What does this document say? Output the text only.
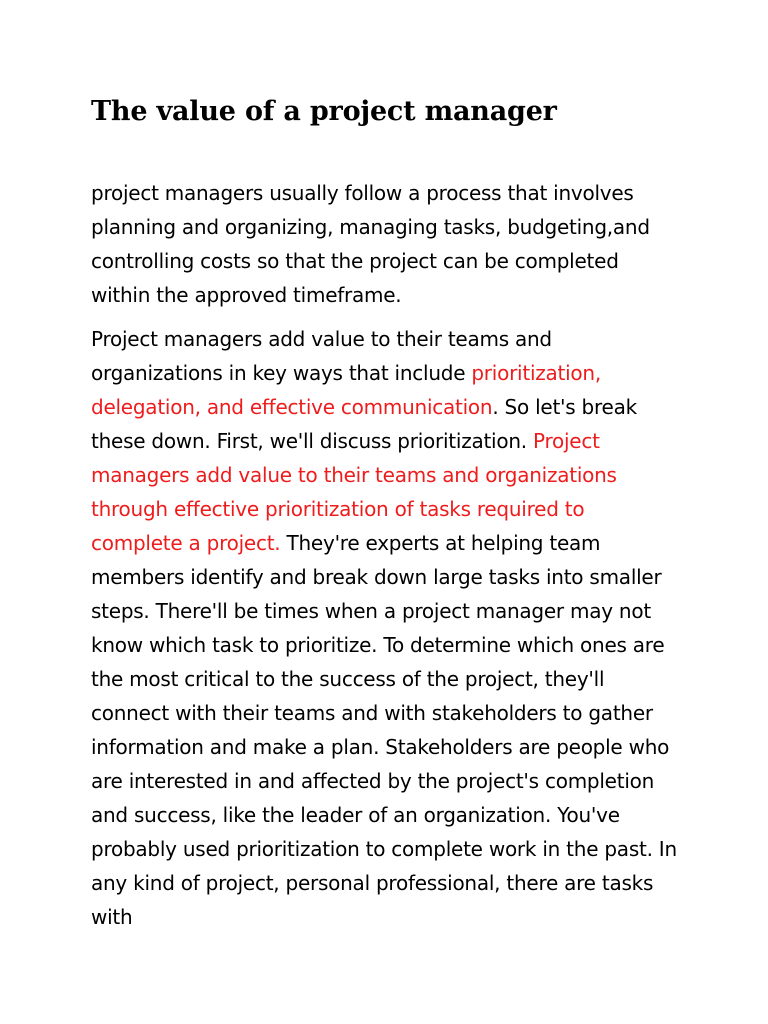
The value of a project manager

project managers usually follow a process that involves planning and organizing, managing tasks, budgeting,and controlling costs so that the project can be completed within the approved timeframe.

Project managers add value to their teams and organizations in key ways that include prioritization, delegation, and effective communication. So let's break these down. First, we'll discuss prioritization. Project managers add value to their teams and organizations through effective prioritization of tasks required to complete a project. They're experts at helping team members identify and break down large tasks into smaller steps. There'll be times when a project manager may not know which task to prioritize. To determine which ones are the most critical to the success of the project, they'll connect with their teams and with stakeholders to gather information and make a plan. Stakeholders are people who are interested in and affected by the project's completion and success, like the leader of an organization. You've probably used prioritization to complete work in the past. In any kind of project, personal professional, there are tasks with
